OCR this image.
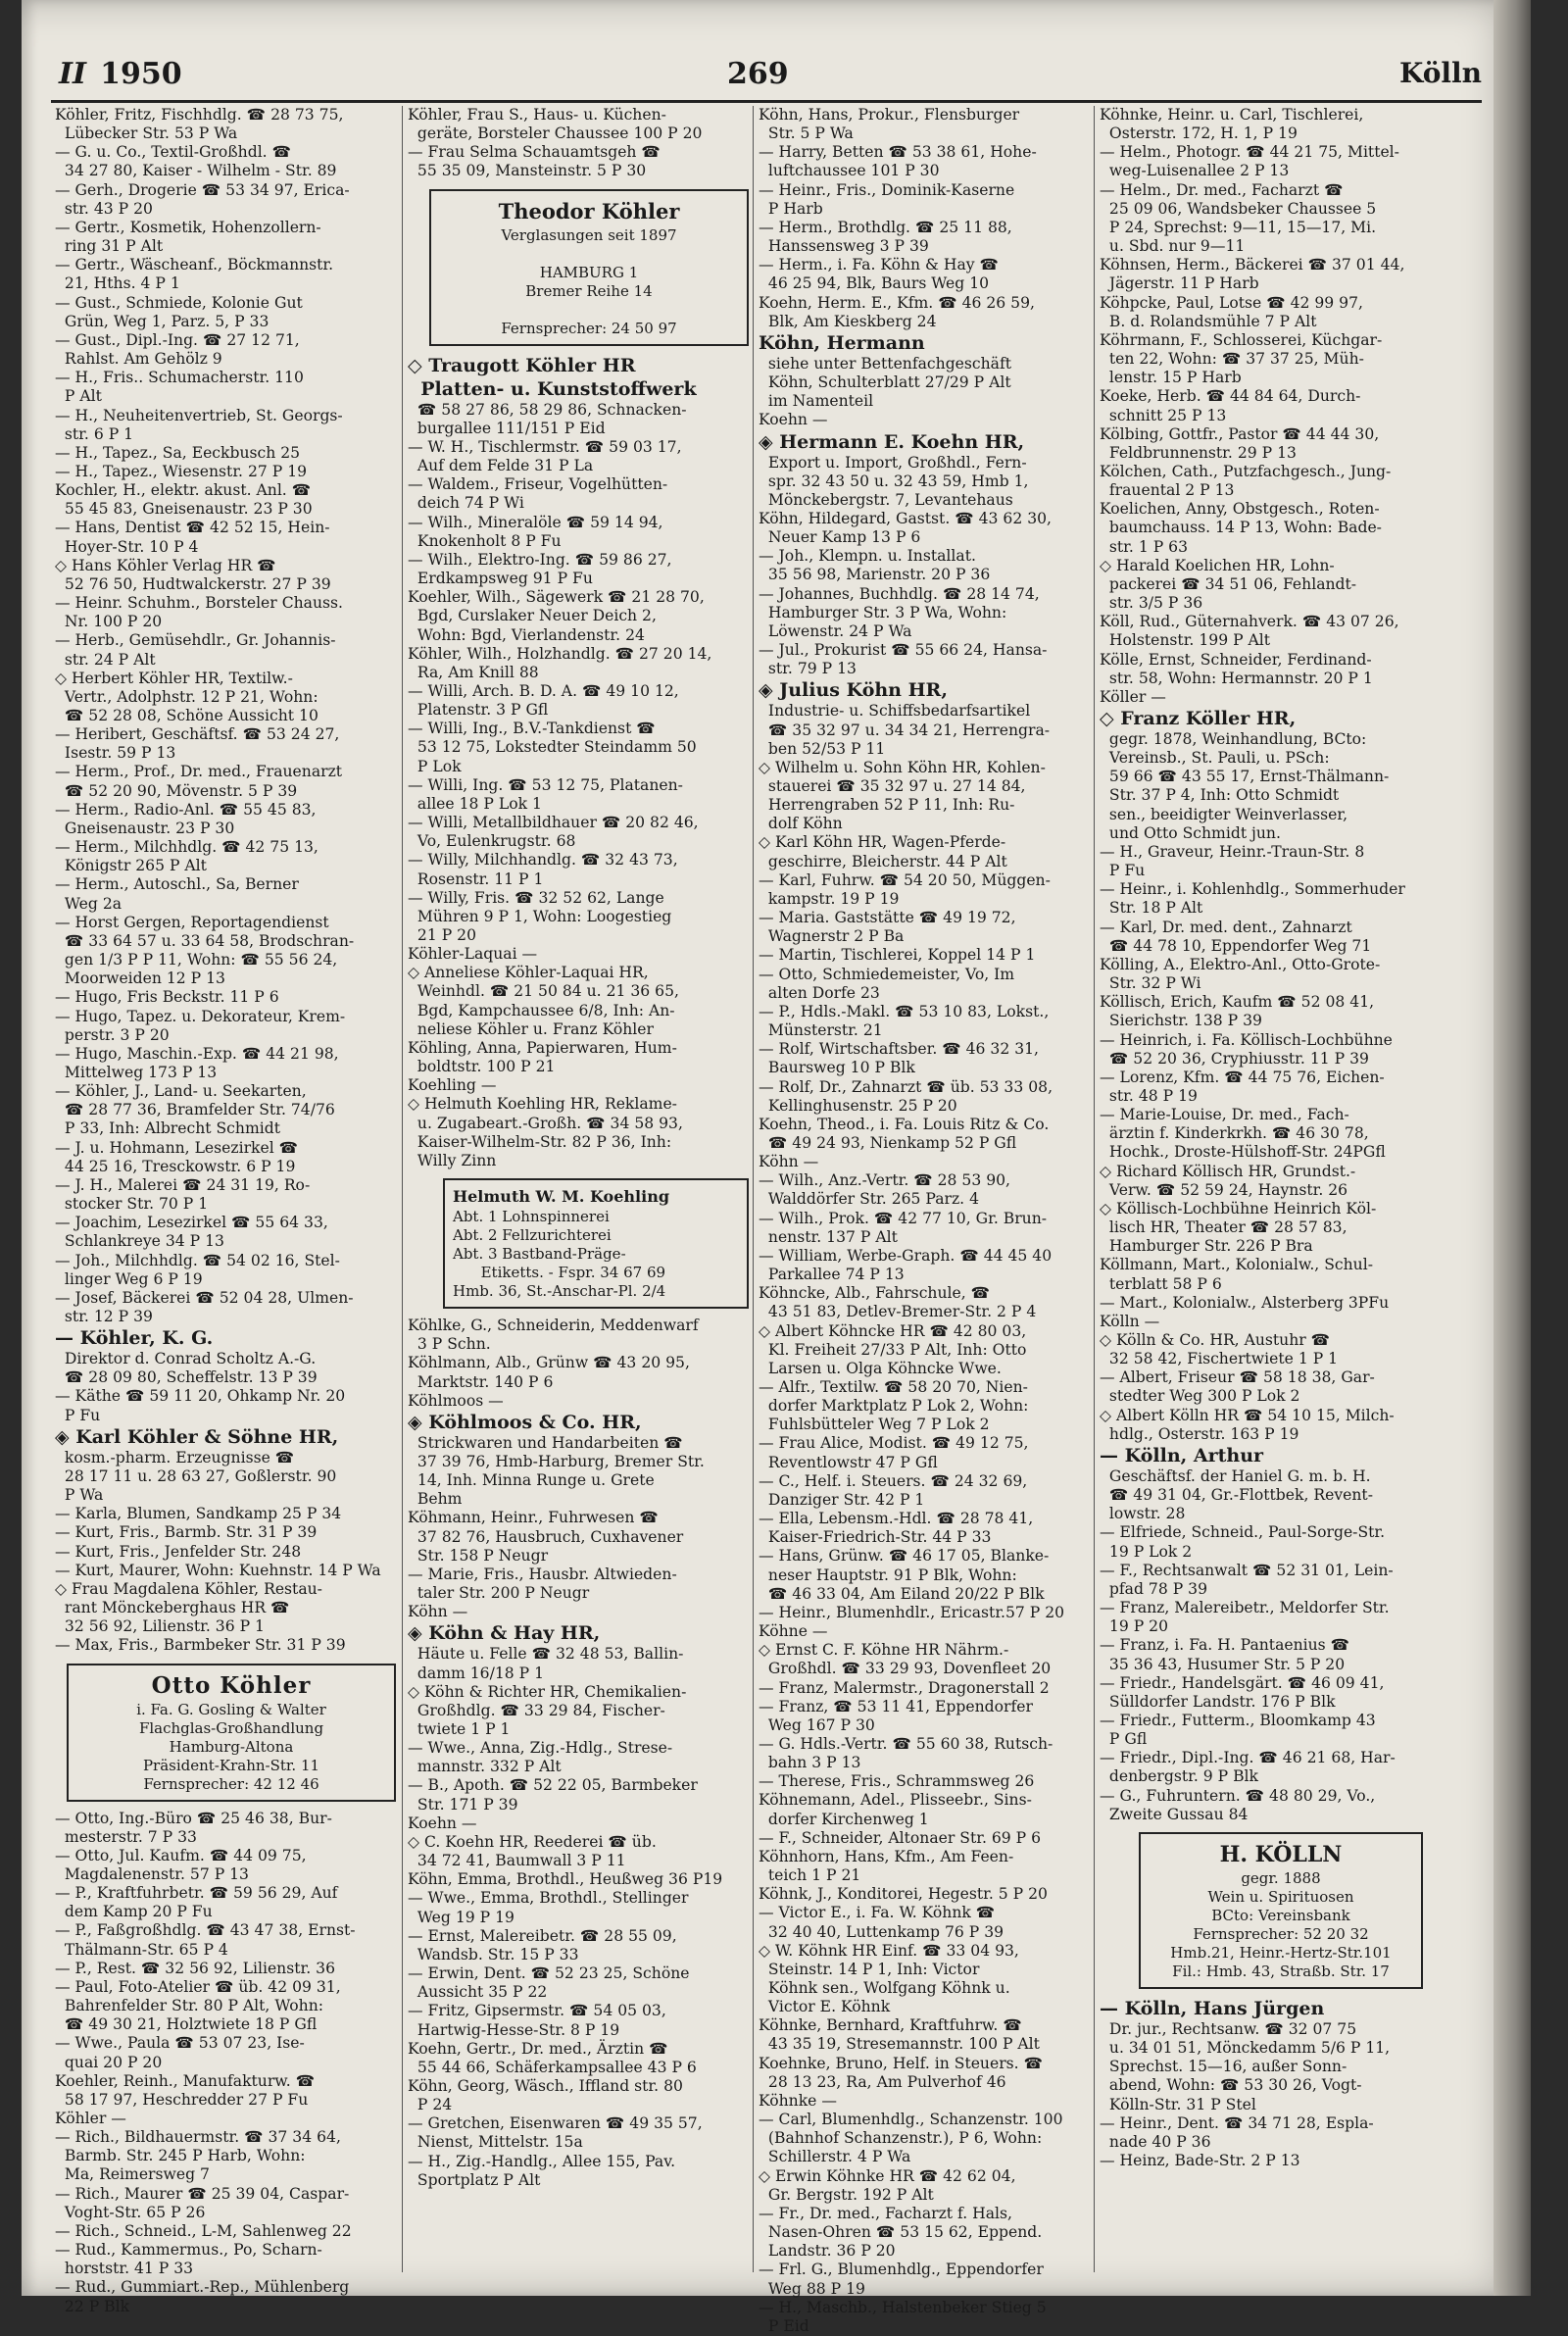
II 1950	269	Kölln
Köhler, Fritz, Fischhdlg. ☎ 28 73 75,
Lübecker Str. 53 P Wa
— G. u. Co., Textil-Großhdl. ☎
34 27 80, Kaiser - Wilhelm - Str. 89
— Gerh., Drogerie ☎ 53 34 97, Erica-
str. 43 P 20
— Gertr., Kosmetik, Hohenzollern-
ring 31 P Alt
— Gertr., Wäscheanf., Böckmannstr.
21, Hths. 4 P 1
— Gust., Schmiede, Kolonie Gut
Grün, Weg 1, Parz. 5, P 33
— Gust., Dipl.-Ing. ☎ 27 12 71,
Rahlst. Am Gehölz 9
— H., Fris.. Schumacherstr. 110
P Alt
— H., Neuheitenvertrieb, St. Georgs-
str. 6 P 1
— H., Tapez., Sa, Eeckbusch 25
— H., Tapez., Wiesenstr. 27 P 19
Kochler, H., elektr. akust. Anl. ☎
55 45 83, Gneisenaustr. 23 P 30
— Hans, Dentist ☎ 42 52 15, Hein-
Hoyer-Str. 10 P 4
◇ Hans Köhler Verlag HR ☎
52 76 50, Hudtwalckerstr. 27 P 39
— Heinr. Schuhm., Borsteler Chauss.
Nr. 100 P 20
— Herb., Gemüsehdlr., Gr. Johannis-
str. 24 P Alt
◇ Herbert Köhler HR, Textilw.-
Vertr., Adolphstr. 12 P 21, Wohn:
☎ 52 28 08, Schöne Aussicht 10
— Heribert, Geschäftsf. ☎ 53 24 27,
Isestr. 59 P 13
— Herm., Prof., Dr. med., Frauenarzt
☎ 52 20 90, Mövenstr. 5 P 39
— Herm., Radio-Anl. ☎ 55 45 83,
Gneisenaustr. 23 P 30
— Herm., Milchhdlg. ☎ 42 75 13,
Königstr 265 P Alt
— Herm., Autoschl., Sa, Berner
Weg 2a
— Horst Gergen, Reportagendienst
☎ 33 64 57 u. 33 64 58, Brodschran-
gen 1/3 P P 11, Wohn: ☎ 55 56 24,
Moorweiden 12 P 13
— Hugo, Fris Beckstr. 11 P 6
— Hugo, Tapez. u. Dekorateur, Krem-
perstr. 3 P 20
— Hugo, Maschin.-Exp. ☎ 44 21 98,
Mittelweg 173 P 13
— Köhler, J., Land- u. Seekarten,
☎ 28 77 36, Bramfelder Str. 74/76
P 33, Inh: Albrecht Schmidt
— J. u. Hohmann, Lesezirkel ☎
44 25 16, Tresckowstr. 6 P 19
— J. H., Malerei ☎ 24 31 19, Ro-
stocker Str. 70 P 1
— Joachim, Lesezirkel ☎ 55 64 33,
Schlankreye 34 P 13
— Joh., Milchhdlg. ☎ 54 02 16, Stel-
linger Weg 6 P 19
— Josef, Bäckerei ☎ 52 04 28, Ulmen-
str. 12 P 39
— Köhler, K. G.
Direktor d. Conrad Scholtz A.-G.
☎ 28 09 80, Scheffelstr. 13 P 39
— Käthe ☎ 59 11 20, Ohkamp Nr. 20
P Fu
◈ Karl Köhler & Söhne HR,
kosm.-pharm. Erzeugnisse ☎
28 17 11 u. 28 63 27, Goßlerstr. 90
P Wa
— Karla, Blumen, Sandkamp 25 P 34
— Kurt, Fris., Barmb. Str. 31 P 39
— Kurt, Fris., Jenfelder Str. 248
— Kurt, Maurer, Wohn: Kuehnstr. 14 P Wa
◇ Frau Magdalena Köhler, Restau-
rant Mönckeberghaus HR ☎
32 56 92, Lilienstr. 36 P 1
— Max, Fris., Barmbeker Str. 31 P 39
Otto Köhler
i. Fa. G. Gosling & Walter
Flachglas-Großhandlung
Hamburg-Altona
Präsident-Krahn-Str. 11
Fernsprecher: 42 12 46
— Otto, Ing.-Büro ☎ 25 46 38, Bur-
mesterstr. 7 P 33
— Otto, Jul. Kaufm. ☎ 44 09 75,
Magdalenenstr. 57 P 13
— P., Kraftfuhrbetr. ☎ 59 56 29, Auf
dem Kamp 20 P Fu
— P., Faßgroßhdlg. ☎ 43 47 38, Ernst-
Thälmann-Str. 65 P 4
— P., Rest. ☎ 32 56 92, Lilienstr. 36
— Paul, Foto-Atelier ☎ üb. 42 09 31,
Bahrenfelder Str. 80 P Alt, Wohn:
☎ 49 30 21, Holztwiete 18 P Gfl
— Wwe., Paula ☎ 53 07 23, Ise-
quai 20 P 20
Koehler, Reinh., Manufakturw. ☎
58 17 97, Heschredder 27 P Fu
Köhler —
— Rich., Bildhauermstr. ☎ 37 34 64,
Barmb. Str. 245 P Harb, Wohn:
Ma, Reimersweg 7
— Rich., Maurer ☎ 25 39 04, Caspar-
Voght-Str. 65 P 26
— Rich., Schneid., L-M, Sahlenweg 22
— Rud., Kammermus., Po, Scharn-
horststr. 41 P 33
— Rud., Gummiart.-Rep., Mühlenberg
22 P Blk
Köhler, Frau S., Haus- u. Küchen-
geräte, Borsteler Chaussee 100 P 20
— Frau Selma Schauamtsgeh ☎
55 35 09, Mansteinstr. 5 P 30
Theodor Köhler
Verglasungen seit 1897

HAMBURG 1
Bremer Reihe 14

Fernsprecher: 24 50 97
◇ Traugott Köhler HR
Platten- u. Kunststoffwerk
☎ 58 27 86, 58 29 86, Schnacken-
burgallee 111/151 P Eid
— W. H., Tischlermstr. ☎ 59 03 17,
Auf dem Felde 31 P La
— Waldem., Friseur, Vogelhütten-
deich 74 P Wi
— Wilh., Mineralöle ☎ 59 14 94,
Knokenholt 8 P Fu
— Wilh., Elektro-Ing. ☎ 59 86 27,
Erdkampsweg 91 P Fu
Koehler, Wilh., Sägewerk ☎ 21 28 70,
Bgd, Curslaker Neuer Deich 2,
Wohn: Bgd, Vierlandenstr. 24
Köhler, Wilh., Holzhandlg. ☎ 27 20 14,
Ra, Am Knill 88
— Willi, Arch. B. D. A. ☎ 49 10 12,
Platenstr. 3 P Gfl
— Willi, Ing., B.V.-Tankdienst ☎
53 12 75, Lokstedter Steindamm 50
P Lok
— Willi, Ing. ☎ 53 12 75, Platanen-
allee 18 P Lok 1
— Willi, Metallbildhauer ☎ 20 82 46,
Vo, Eulenkrugstr. 68
— Willy, Milchhandlg. ☎ 32 43 73,
Rosenstr. 11 P 1
— Willy, Fris. ☎ 32 52 62, Lange
Mühren 9 P 1, Wohn: Loogestieg
21 P 20
Köhler-Laquai —
◇ Anneliese Köhler-Laquai HR,
Weinhdl. ☎ 21 50 84 u. 21 36 65,
Bgd, Kampchaussee 6/8, Inh: An-
neliese Köhler u. Franz Köhler
Köhling, Anna, Papierwaren, Hum-
boldtstr. 100 P 21
Koehling —
◇ Helmuth Koehling HR, Reklame-
u. Zugabeart.-Großh. ☎ 34 58 93,
Kaiser-Wilhelm-Str. 82 P 36, Inh:
Willy Zinn
Helmuth W. M. Koehling
Abt. 1 Lohnspinnerei
Abt. 2 Fellzurichterei
Abt. 3 Bastband-Präge-
Etiketts. - Fspr. 34 67 69
Hmb. 36, St.-Anschar-Pl. 2/4
Köhlke, G., Schneiderin, Meddenwarf
3 P Schn.
Köhlmann, Alb., Grünw ☎ 43 20 95,
Marktstr. 140 P 6
Köhlmoos —
◈ Köhlmoos & Co. HR,
Strickwaren und Handarbeiten ☎
37 39 76, Hmb-Harburg, Bremer Str.
14, Inh. Minna Runge u. Grete
Behm
Köhmann, Heinr., Fuhrwesen ☎
37 82 76, Hausbruch, Cuxhavener
Str. 158 P Neugr
— Marie, Fris., Hausbr. Altwieden-
taler Str. 200 P Neugr
Köhn —
◈ Köhn & Hay HR,
Häute u. Felle ☎ 32 48 53, Ballin-
damm 16/18 P 1
◇ Köhn & Richter HR, Chemikalien-
Großhdlg. ☎ 33 29 84, Fischer-
twiete 1 P 1
— Wwe., Anna, Zig.-Hdlg., Strese-
mannstr. 332 P Alt
— B., Apoth. ☎ 52 22 05, Barmbeker
Str. 171 P 39
Koehn —
◇ C. Koehn HR, Reederei ☎ üb.
34 72 41, Baumwall 3 P 11
Köhn, Emma, Brothdl., Heußweg 36 P19
— Wwe., Emma, Brothdl., Stellinger
Weg 19 P 19
— Ernst, Malereibetr. ☎ 28 55 09,
Wandsb. Str. 15 P 33
— Erwin, Dent. ☎ 52 23 25, Schöne
Aussicht 35 P 22
— Fritz, Gipsermstr. ☎ 54 05 03,
Hartwig-Hesse-Str. 8 P 19
Koehn, Gertr., Dr. med., Ärztin ☎
55 44 66, Schäferkampsallee 43 P 6
Köhn, Georg, Wäsch., Iffland str. 80
P 24
— Gretchen, Eisenwaren ☎ 49 35 57,
Nienst, Mittelstr. 15a
— H., Zig.-Handlg., Allee 155, Pav.
Sportplatz P Alt
Köhn, Hans, Prokur., Flensburger
Str. 5 P Wa
— Harry, Betten ☎ 53 38 61, Hohe-
luftchaussee 101 P 30
— Heinr., Fris., Dominik-Kaserne
P Harb
— Herm., Brothdlg. ☎ 25 11 88,
Hanssensweg 3 P 39
— Herm., i. Fa. Köhn & Hay ☎
46 25 94, Blk, Baurs Weg 10
Koehn, Herm. E., Kfm. ☎ 46 26 59,
Blk, Am Kieskberg 24
Köhn, Hermann
siehe unter Bettenfachgeschäft
Köhn, Schulterblatt 27/29 P Alt
im Namenteil
Koehn —
◈ Hermann E. Koehn HR,
Export u. Import, Großhdl., Fern-
spr. 32 43 50 u. 32 43 59, Hmb 1,
Mönckebergstr. 7, Levantehaus
Köhn, Hildegard, Gastst. ☎ 43 62 30,
Neuer Kamp 13 P 6
— Joh., Klempn. u. Installat.
35 56 98, Marienstr. 20 P 36
— Johannes, Buchhdlg. ☎ 28 14 74,
Hamburger Str. 3 P Wa, Wohn:
Löwenstr. 24 P Wa
— Jul., Prokurist ☎ 55 66 24, Hansa-
str. 79 P 13
◈ Julius Köhn HR,
Industrie- u. Schiffsbedarfsartikel
☎ 35 32 97 u. 34 34 21, Herrengra-
ben 52/53 P 11
◇ Wilhelm u. Sohn Köhn HR, Kohlen-
stauerei ☎ 35 32 97 u. 27 14 84,
Herrengraben 52 P 11, Inh: Ru-
dolf Köhn
◇ Karl Köhn HR, Wagen-Pferde-
geschirre, Bleicherstr. 44 P Alt
— Karl, Fuhrw. ☎ 54 20 50, Müggen-
kampstr. 19 P 19
— Maria. Gaststätte ☎ 49 19 72,
Wagnerstr 2 P Ba
— Martin, Tischlerei, Koppel 14 P 1
— Otto, Schmiedemeister, Vo, Im
alten Dorfe 23
— P., Hdls.-Makl. ☎ 53 10 83, Lokst.,
Münsterstr. 21
— Rolf, Wirtschaftsber. ☎ 46 32 31,
Baursweg 10 P Blk
— Rolf, Dr., Zahnarzt ☎ üb. 53 33 08,
Kellinghusenstr. 25 P 20
Koehn, Theod., i. Fa. Louis Ritz & Co.
☎ 49 24 93, Nienkamp 52 P Gfl
Köhn —
— Wilh., Anz.-Vertr. ☎ 28 53 90,
Walddörfer Str. 265 Parz. 4
— Wilh., Prok. ☎ 42 77 10, Gr. Brun-
nenstr. 137 P Alt
— William, Werbe-Graph. ☎ 44 45 40
Parkallee 74 P 13
Köhncke, Alb., Fahrschule, ☎
43 51 83, Detlev-Bremer-Str. 2 P 4
◇ Albert Köhncke HR ☎ 42 80 03,
Kl. Freiheit 27/33 P Alt, Inh: Otto
Larsen u. Olga Köhncke Wwe.
— Alfr., Textilw. ☎ 58 20 70, Nien-
dorfer Marktplatz P Lok 2, Wohn:
Fuhlsbütteler Weg 7 P Lok 2
— Frau Alice, Modist. ☎ 49 12 75,
Reventlowstr 47 P Gfl
— C., Helf. i. Steuers. ☎ 24 32 69,
Danziger Str. 42 P 1
— Ella, Lebensm.-Hdl. ☎ 28 78 41,
Kaiser-Friedrich-Str. 44 P 33
— Hans, Grünw. ☎ 46 17 05, Blanke-
neser Hauptstr. 91 P Blk, Wohn:
☎ 46 33 04, Am Eiland 20/22 P Blk
— Heinr., Blumenhdlr., Ericastr.57 P 20
Köhne —
◇ Ernst C. F. Köhne HR Nährm.-
Großhdl. ☎ 33 29 93, Dovenfleet 20
— Franz, Malermstr., Dragonerstall 2
— Franz, ☎ 53 11 41, Eppendorfer
Weg 167 P 30
— G. Hdls.-Vertr. ☎ 55 60 38, Rutsch-
bahn 3 P 13
— Therese, Fris., Schrammsweg 26
Köhnemann, Adel., Plisseebr., Sins-
dorfer Kirchenweg 1
— F., Schneider, Altonaer Str. 69 P 6
Köhnhorn, Hans, Kfm., Am Feen-
teich 1 P 21
Köhnk, J., Konditorei, Hegestr. 5 P 20
— Victor E., i. Fa. W. Köhnk ☎
32 40 40, Luttenkamp 76 P 39
◇ W. Köhnk HR Einf. ☎ 33 04 93,
Steinstr. 14 P 1, Inh: Victor
Köhnk sen., Wolfgang Köhnk u.
Victor E. Köhnk
Köhnke, Bernhard, Kraftfuhrw. ☎
43 35 19, Stresemannstr. 100 P Alt
Koehnke, Bruno, Helf. in Steuers. ☎
28 13 23, Ra, Am Pulverhof 46
Köhnke —
— Carl, Blumenhdlg., Schanzenstr. 100
(Bahnhof Schanzenstr.), P 6, Wohn:
Schillerstr. 4 P Wa
◇ Erwin Köhnke HR ☎ 42 62 04,
Gr. Bergstr. 192 P Alt
— Fr., Dr. med., Facharzt f. Hals,
Nasen-Ohren ☎ 53 15 62, Eppend.
Landstr. 36 P 20
— Frl. G., Blumenhdlg., Eppendorfer
Weg 88 P 19
— H., Maschb., Halstenbeker Stieg 5
P Eid
Köhnke, Heinr. u. Carl, Tischlerei,
Osterstr. 172, H. 1, P 19
— Helm., Photogr. ☎ 44 21 75, Mittel-
weg-Luisenallee 2 P 13
— Helm., Dr. med., Facharzt ☎
25 09 06, Wandsbeker Chaussee 5
P 24, Sprechst: 9—11, 15—17, Mi.
u. Sbd. nur 9—11
Köhnsen, Herm., Bäckerei ☎ 37 01 44,
Jägerstr. 11 P Harb
Köhpcke, Paul, Lotse ☎ 42 99 97,
B. d. Rolandsmühle 7 P Alt
Köhrmann, F., Schlosserei, Küchgar-
ten 22, Wohn: ☎ 37 37 25, Müh-
lenstr. 15 P Harb
Koeke, Herb. ☎ 44 84 64, Durch-
schnitt 25 P 13
Kölbing, Gottfr., Pastor ☎ 44 44 30,
Feldbrunnenstr. 29 P 13
Kölchen, Cath., Putzfachgesch., Jung-
frauental 2 P 13
Koelichen, Anny, Obstgesch., Roten-
baumchauss. 14 P 13, Wohn: Bade-
str. 1 P 63
◇ Harald Koelichen HR, Lohn-
packerei ☎ 34 51 06, Fehlandt-
str. 3/5 P 36
Köll, Rud., Güternahverk. ☎ 43 07 26,
Holstenstr. 199 P Alt
Kölle, Ernst, Schneider, Ferdinand-
str. 58, Wohn: Hermannstr. 20 P 1
Köller —
◇ Franz Köller HR,
gegr. 1878, Weinhandlung, BCto:
Vereinsb., St. Pauli, u. PSch:
59 66 ☎ 43 55 17, Ernst-Thälmann-
Str. 37 P 4, Inh: Otto Schmidt
sen., beeidigter Weinverlasser,
und Otto Schmidt jun.
— H., Graveur, Heinr.-Traun-Str. 8
P Fu
— Heinr., i. Kohlenhdlg., Sommerhuder
Str. 18 P Alt
— Karl, Dr. med. dent., Zahnarzt
☎ 44 78 10, Eppendorfer Weg 71
Kölling, A., Elektro-Anl., Otto-Grote-
Str. 32 P Wi
Köllisch, Erich, Kaufm ☎ 52 08 41,
Sierichstr. 138 P 39
— Heinrich, i. Fa. Köllisch-Lochbühne
☎ 52 20 36, Cryphiusstr. 11 P 39
— Lorenz, Kfm. ☎ 44 75 76, Eichen-
str. 48 P 19
— Marie-Louise, Dr. med., Fach-
ärztin f. Kinderkrkh. ☎ 46 30 78,
Hochk., Droste-Hülshoff-Str. 24PGfl
◇ Richard Köllisch HR, Grundst.-
Verw. ☎ 52 59 24, Haynstr. 26
◇ Köllisch-Lochbühne Heinrich Köl-
lisch HR, Theater ☎ 28 57 83,
Hamburger Str. 226 P Bra
Köllmann, Mart., Kolonialw., Schul-
terblatt 58 P 6
— Mart., Kolonialw., Alsterberg 3PFu
Kölln —
◇ Kölln & Co. HR, Austuhr ☎
32 58 42, Fischertwiete 1 P 1
— Albert, Friseur ☎ 58 18 38, Gar-
stedter Weg 300 P Lok 2
◇ Albert Kölln HR ☎ 54 10 15, Milch-
hdlg., Osterstr. 163 P 19
— Kölln, Arthur
Geschäftsf. der Haniel G. m. b. H.
☎ 49 31 04, Gr.-Flottbek, Revent-
lowstr. 28
— Elfriede, Schneid., Paul-Sorge-Str.
19 P Lok 2
— F., Rechtsanwalt ☎ 52 31 01, Lein-
pfad 78 P 39
— Franz, Malereibetr., Meldorfer Str.
19 P 20
— Franz, i. Fa. H. Pantaenius ☎
35 36 43, Husumer Str. 5 P 20
— Friedr., Handelsgärt. ☎ 46 09 41,
Sülldorfer Landstr. 176 P Blk
— Friedr., Futterm., Bloomkamp 43
P Gfl
— Friedr., Dipl.-Ing. ☎ 46 21 68, Har-
denbergstr. 9 P Blk
— G., Fuhruntern. ☎ 48 80 29, Vo.,
Zweite Gussau 84
H. KÖLLN
gegr. 1888
Wein u. Spirituosen
BCto: Vereinsbank
Fernsprecher: 52 20 32
Hmb.21, Heinr.-Hertz-Str.101
Fil.: Hmb. 43, Straßb. Str. 17
— Kölln, Hans Jürgen
Dr. jur., Rechtsanw. ☎ 32 07 75
u. 34 01 51, Mönckedamm 5/6 P 11,
Sprechst. 15—16, außer Sonn-
abend, Wohn: ☎ 53 30 26, Vogt-
Kölln-Str. 31 P Stel
— Heinr., Dent. ☎ 34 71 28, Espla-
nade 40 P 36
— Heinz, Bade-Str. 2 P 13
